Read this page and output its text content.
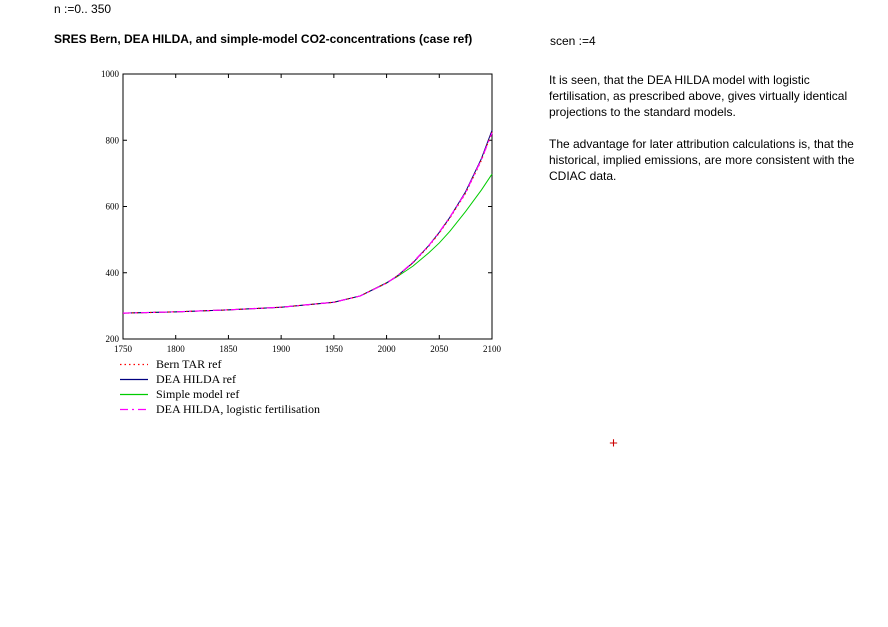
n :=0.. 350
SRES Bern, DEA HILDA, and simple-model CO2-concentrations (case ref)	scen :=4

It is seen, that the DEA HILDA model with logistic fertilisation, as prescribed above, gives virtually identical projections to the standard models.

The advantage for later attribution calculations is, that the historical, implied emissions, are more consistent with the CDIAC data.

1750	1800	1850	1900	1950	2000	2050	2100
200
400
600
800
1000
Bern TAR ref
DEA HILDA ref
Simple model ref
DEA HILDA, logistic fertilisation
+
